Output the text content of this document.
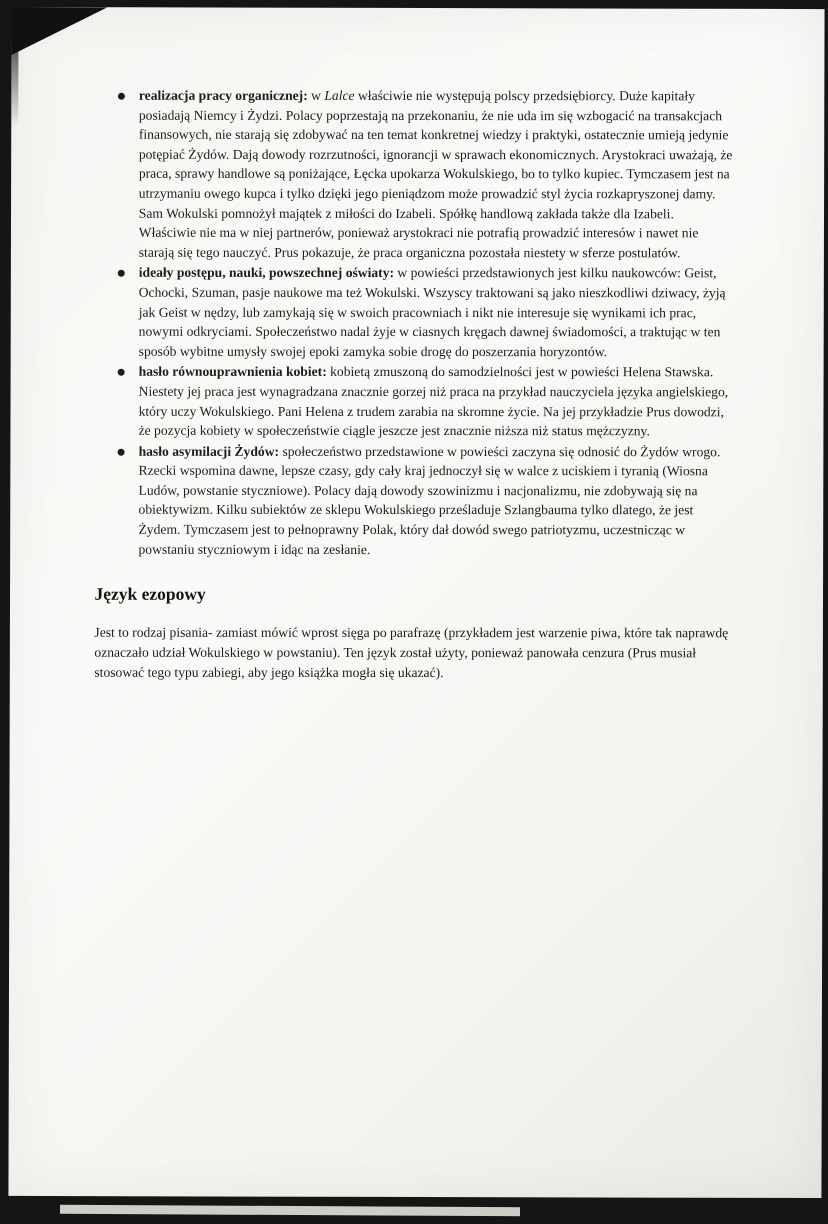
realizacja pracy organicznej: w Lalce właściwie nie występują polscy przedsiębiorcy. Duże kapitały posiadają Niemcy i Żydzi. Polacy poprzestają na przekonaniu, że nie uda im się wzbogacić na transakcjach finansowych, nie starają się zdobywać na ten temat konkretnej wiedzy i praktyki, ostatecznie umieją jedynie potępiać Żydów. Dają dowody rozrzutności, ignorancji w sprawach ekonomicznych. Arystokraci uważają, że praca, sprawy handlowe są poniżające, Łęcka upokarza Wokulskiego, bo to tylko kupiec. Tymczasem jest na utrzymaniu owego kupca i tylko dzięki jego pieniądzom może prowadzić styl życia rozkapryszonej damy. Sam Wokulski pomnożył majątek z miłości do Izabeli. Spółkę handlową zakłada także dla Izabeli. Właściwie nie ma w niej partnerów, ponieważ arystokraci nie potrafią prowadzić interesów i nawet nie starają się tego nauczyć. Prus pokazuje, że praca organiczna pozostała niestety w sferze postulatów.
ideały postępu, nauki, powszechnej oświaty: w powieści przedstawionych jest kilku naukowców: Geist, Ochocki, Szuman, pasje naukowe ma też Wokulski. Wszyscy traktowani są jako nieszkodliwi dziwacy, żyją jak Geist w nędzy, lub zamykają się w swoich pracowniach i nikt nie interesuje się wynikami ich prac, nowymi odkryciami. Społeczeństwo nadal żyje w ciasnych kręgach dawnej świadomości, a traktując w ten sposób wybitne umysły swojej epoki zamyka sobie drogę do poszerzania horyzontów.
hasło równouprawnienia kobiet: kobietą zmuszoną do samodzielności jest w powieści Helena Stawska. Niestety jej praca jest wynagradzana znacznie gorzej niż praca na przykład nauczyciela języka angielskiego, który uczy Wokulskiego. Pani Helena z trudem zarabia na skromne życie. Na jej przykładzie Prus dowodzi, że pozycja kobiety w społeczeństwie ciągle jeszcze jest znacznie niższa niż status mężczyzny.
hasło asymilacji Żydów: społeczeństwo przedstawione w powieści zaczyna się odnosić do Żydów wrogo. Rzecki wspomina dawne, lepsze czasy, gdy cały kraj jednoczył się w walce z uciskiem i tyranią (Wiosna Ludów, powstanie styczniowe). Polacy dają dowody szowinizmu i nacjonalizmu, nie zdobywają się na obiektywizm. Kilku subiektów ze sklepu Wokulskiego prześladuje Szlangbauma tylko dlatego, że jest Żydem. Tymczasem jest to pełnoprawny Polak, który dał dowód swego patriotyzmu, uczestnicząc w powstaniu styczniowym i idąc na zesłanie.
Język ezopowy

Jest to rodzaj pisania- zamiast mówić wprost sięga po parafrazę (przykładem jest warzenie piwa, które tak naprawdę oznaczało udział Wokulskiego w powstaniu). Ten język został użyty, ponieważ panowała cenzura (Prus musiał stosować tego typu zabiegi, aby jego książka mogła się ukazać).
